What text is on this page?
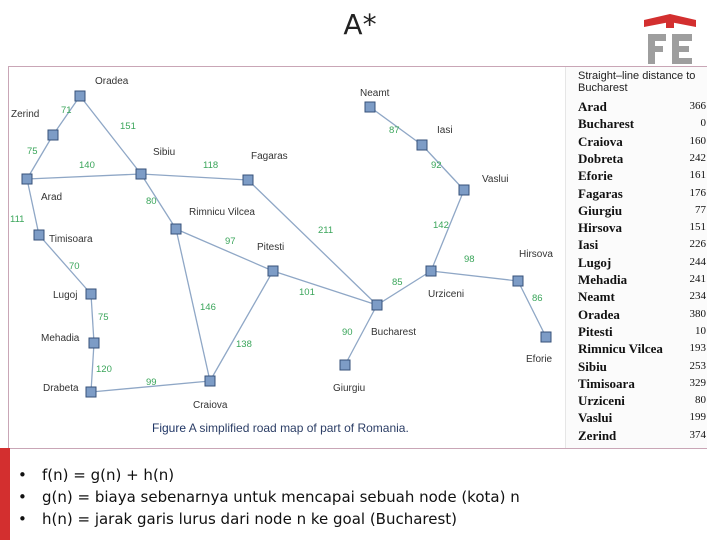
A*
71
151
75
140	118
111
70
75
120
99
80
97
146
138
211
101
90
85
87
92
142
98
86
Oradea
Zerind
Arad
Sibiu	Fagaras
Timisoara
Rimnicu Vilcea
Lugoj
Pitesti
Mehadia
Drabeta
Craiova
Bucharest
Giurgiu
Neamt
Iasi
Vaslui
Urziceni
Hirsova
Eforie
Figure A simplified road map of part of Romania.
Straight–line distance to Bucharest
Arad	366
Bucharest	0
Craiova	160
Dobreta	242
Eforie	161
Fagaras	176
Giurgiu	77
Hirsova	151
Iasi	226
Lugoj	244
Mehadia	241
Neamt	234
Oradea	380
Pitesti	10
Rimnicu Vilcea 193
Sibiu	253
Timisoara	329
Urziceni	80
Vaslui	199
Zerind	374
• f(n) = g(n) + h(n)
• g(n) = biaya sebenarnya untuk mencapai sebuah node (kota) n
• h(n) = jarak garis lurus dari node n ke goal (Bucharest)
